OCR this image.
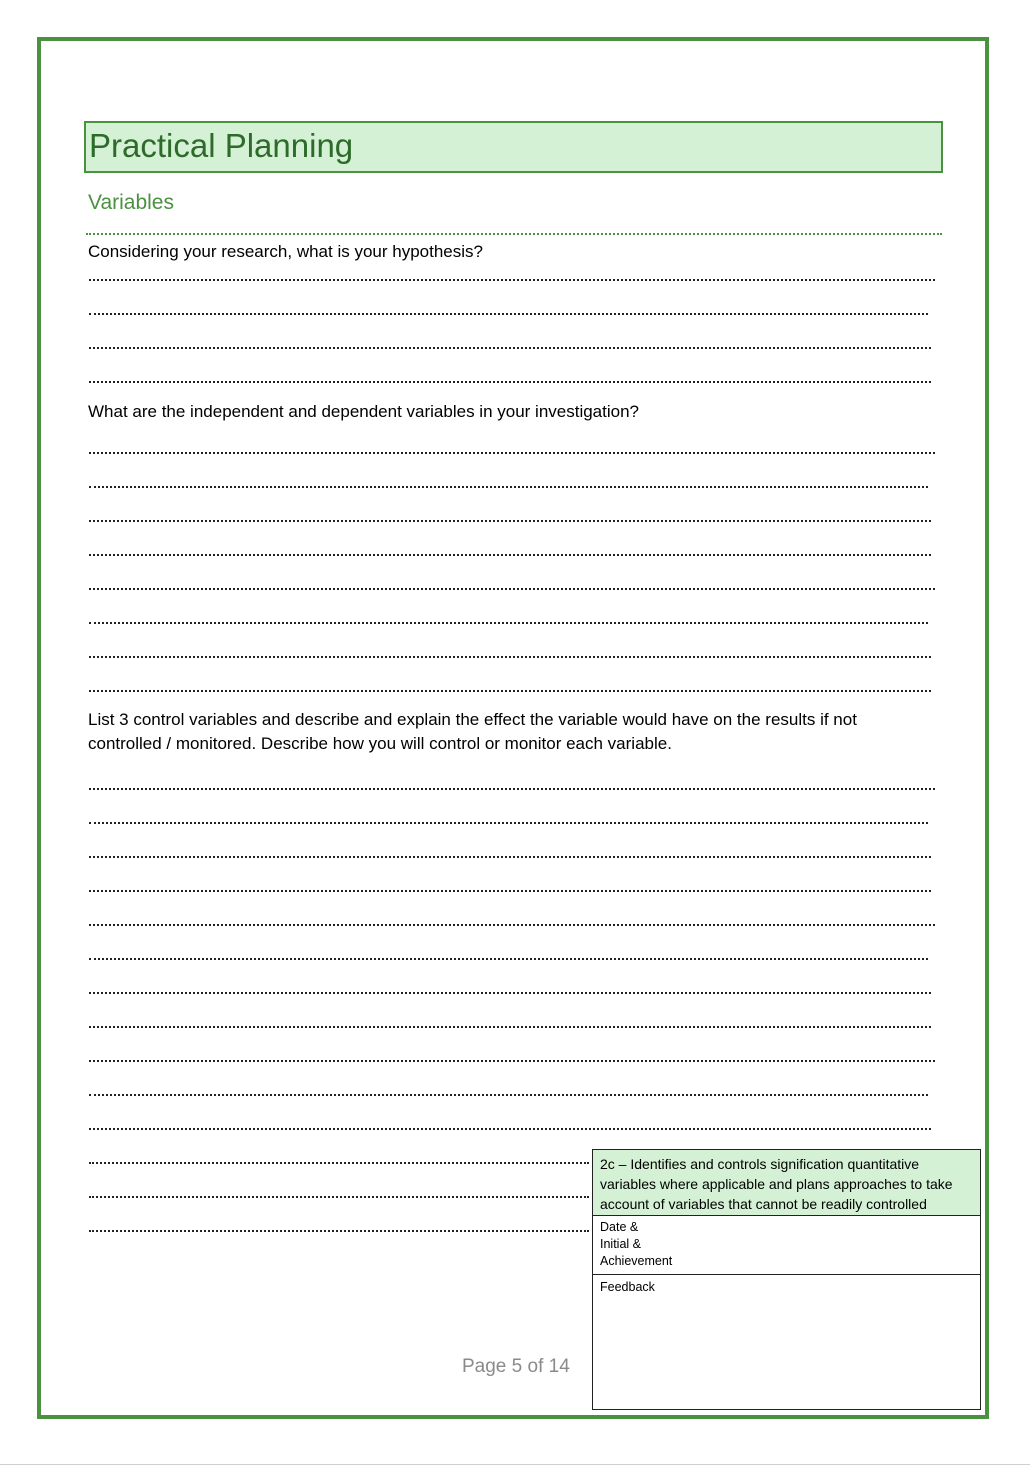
Practical Planning
Variables
Considering your research, what is your hypothesis?
What are the independent and dependent variables in your investigation?
List 3 control variables and describe and explain the effect the variable would have on the results if not controlled / monitored. Describe how you will control or monitor each variable.
2c – Identifies and controls signification quantitative variables where applicable and plans approaches to take account of variables that cannot be readily controlled
Date &
Initial &
Achievement
Feedback
Page 5 of 14
